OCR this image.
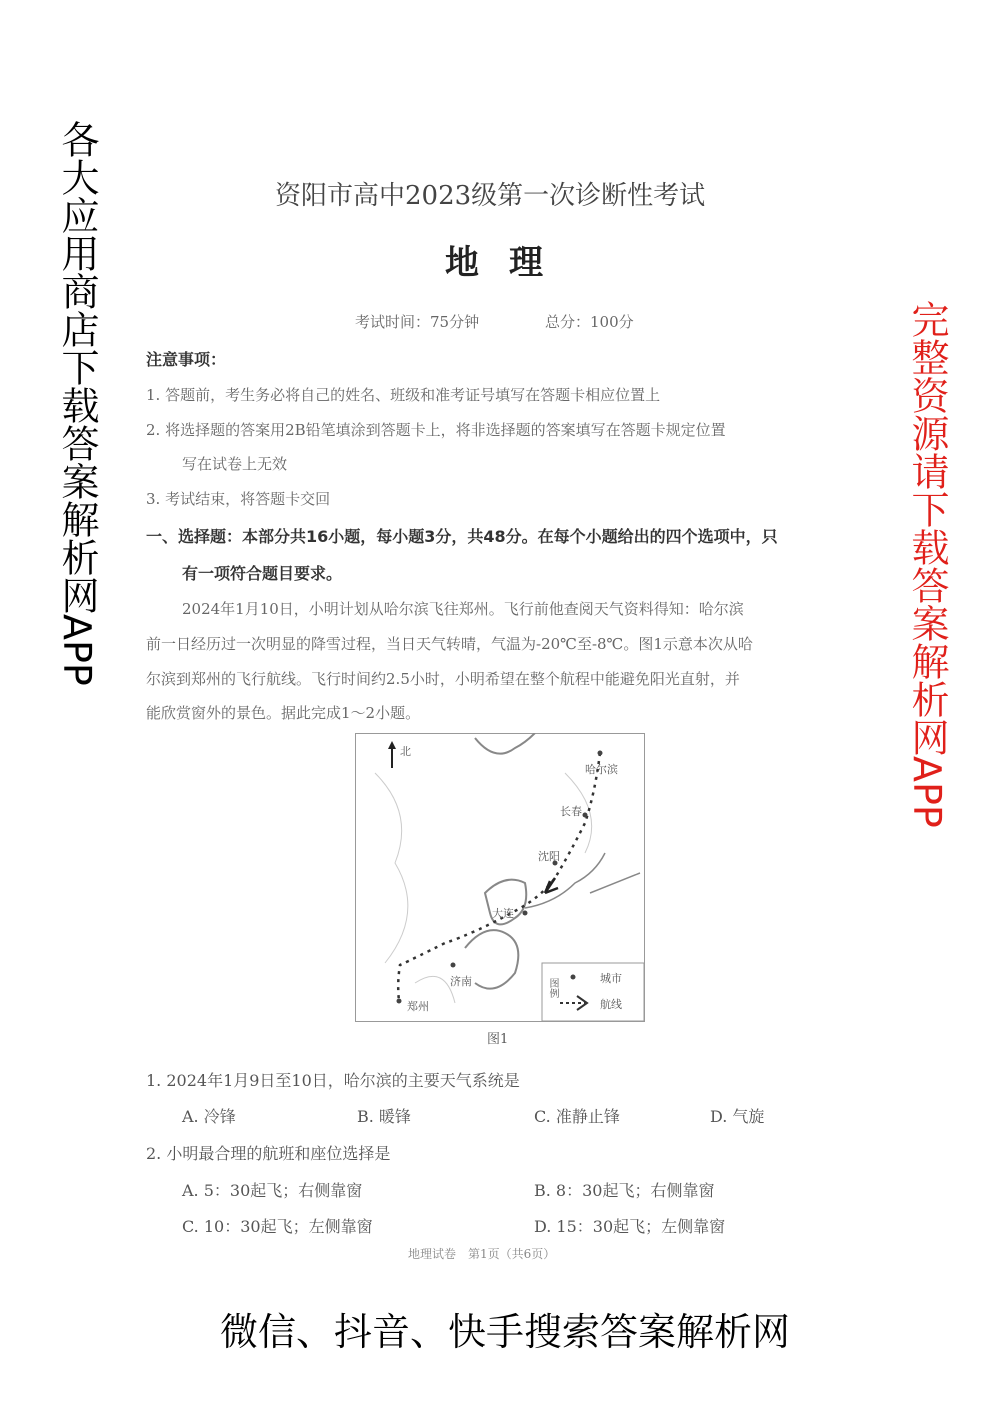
资阳市高中2023级第一次诊断性考试
地理
考试时间：75分钟	总分：100分
注意事项：
1. 答题前，考生务必将自己的姓名、班级和准考证号填写在答题卡相应位置上
2. 将选择题的答案用2B铅笔填涂到答题卡上，将非选择题的答案填写在答题卡规定位置
写在试卷上无效
3. 考试结束，将答题卡交回
一、选择题：本部分共16小题，每小题3分，共48分。在每个小题给出的四个选项中，只
有一项符合题目要求。
2024年1月10日，小明计划从哈尔滨飞往郑州。飞行前他查阅天气资料得知：哈尔滨
前一日经历过一次明显的降雪过程，当日天气转晴，气温为-20℃至-8℃。图1示意本次从哈
尔滨到郑州的飞行航线。飞行时间约2.5小时，小明希望在整个航程中能避免阳光直射，并
能欣赏窗外的景色。据此完成1～2小题。
北
哈尔滨
长春
沈阳
大连
济南
郑州
图例	城市
航线
图1
1. 2024年1月9日至10日，哈尔滨的主要天气系统是
A. 冷锋	B. 暖锋	C. 准静止锋	D. 气旋
2. 小明最合理的航班和座位选择是
A. 5：30起飞；右侧靠窗	B. 8：30起飞；右侧靠窗
C. 10：30起飞；左侧靠窗	D. 15：30起飞；左侧靠窗
地理试卷　第1页（共6页）
各大应用商店下载答案解析网APP	完整资源请下载答案解析网APP
微信、抖音、快手搜索答案解析网
